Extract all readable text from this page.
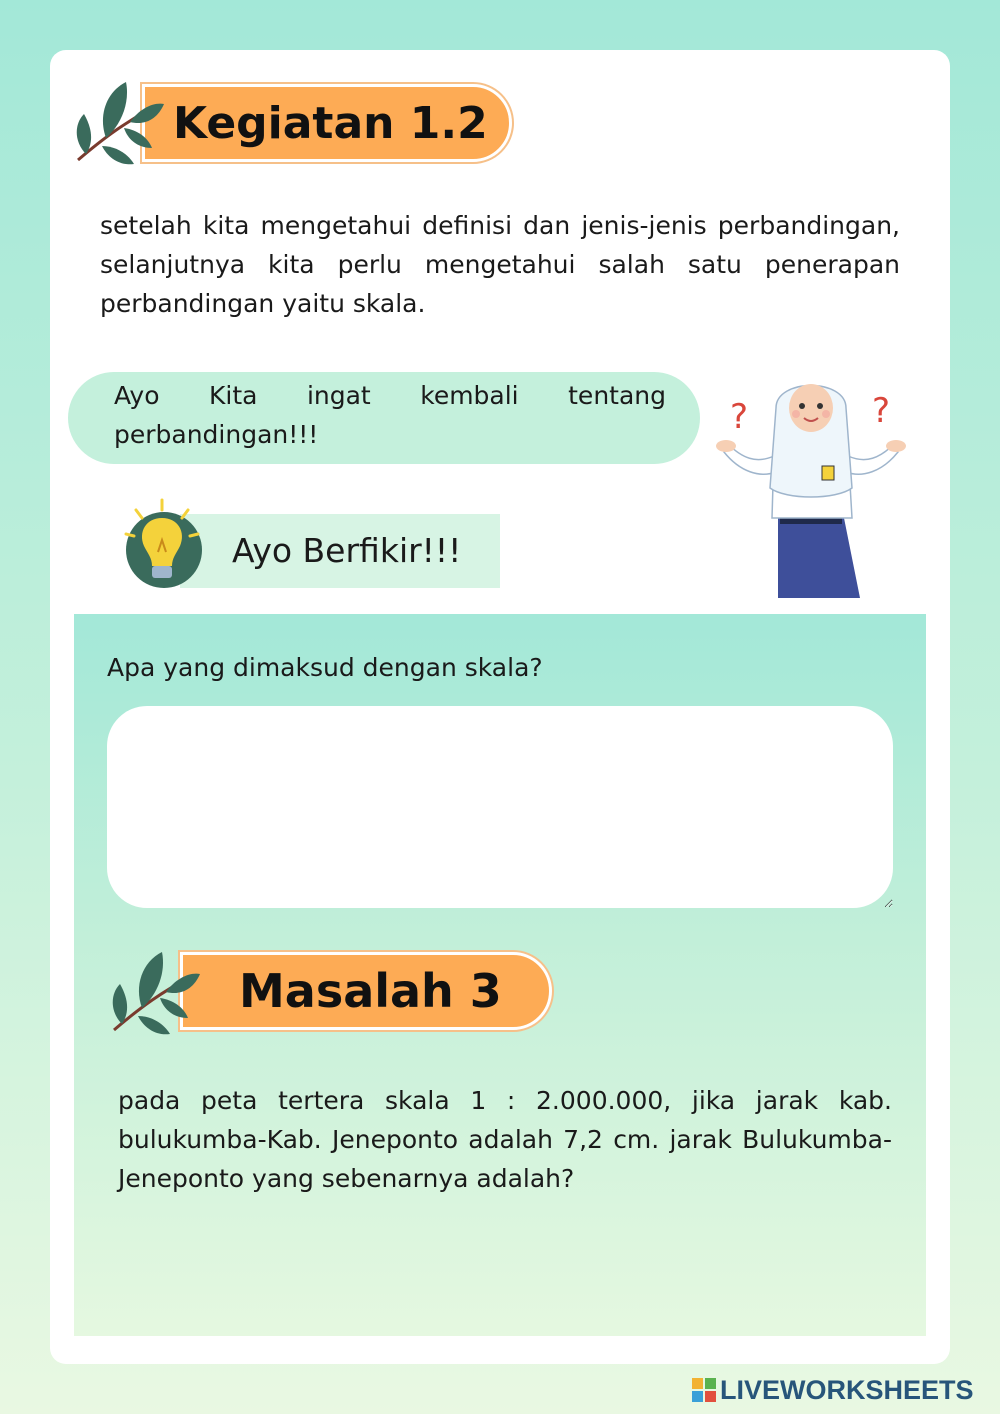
Kegiatan 1.2

setelah kita mengetahui definisi dan jenis-jenis perbandingan, selanjutnya kita perlu mengetahui salah satu penerapan perbandingan yaitu skala.

Ayo Kita ingat kembali tentang perbandingan!!!	?	?
Ayo Berfikir!!!

Apa yang dimaksud dengan skala?

Masalah 3

pada peta tertera skala 1 : 2.000.000, jika jarak kab. bulukumba-Kab. Jeneponto adalah 7,2 cm. jarak Bulukumba-Jeneponto yang sebenarnya adalah?

LIVEWORKSHEETS
